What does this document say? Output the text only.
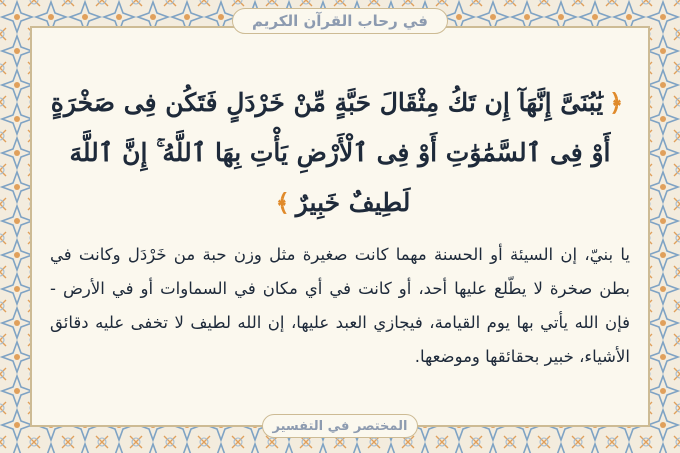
في رحاب القرآن الكريم
﴿يَٰبُنَىَّ إِنَّهَآ إِن تَكُ مِثْقَالَ حَبَّةٍ مِّنْ خَرْدَلٍ فَتَكُن فِى صَخْرَةٍ أَوْ فِى ٱلسَّمَٰوَٰتِ أَوْ فِى ٱلْأَرْضِ يَأْتِ بِهَا ٱللَّهُ ۚ إِنَّ ٱللَّهَ لَطِيفٌ خَبِيرٌ﴾
يا بنيّ، إن السيئة أو الحسنة مهما كانت صغيرة مثل وزن حبة من خَرْدَل وكانت في بطن صخرة لا يطّلع عليها أحد، أو كانت في أي مكان في السماوات أو في الأرض - فإن الله يأتي بها يوم القيامة، فيجازي العبد عليها، إن الله لطيف لا تخفى عليه دقائق الأشياء، خبير بحقائقها وموضعها.
المختصر في التفسير
